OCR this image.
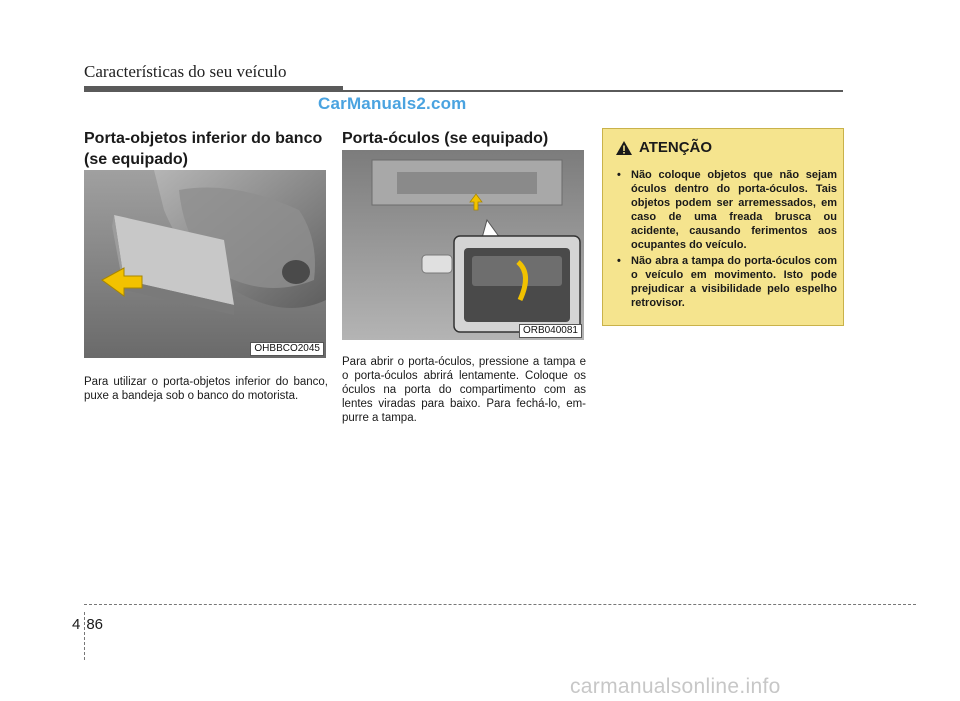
Características do seu veículo
CarManuals2.com
Porta-objetos inferior do banco (se equipado)
OHBBCO2045
Para utilizar o porta-objetos inferior do banco, puxe a bandeja sob o banco do motorista.
Porta-óculos (se equipado)
ORB040081
Para abrir o porta-óculos, pressione a tampa e o porta-óculos abrirá lentamente. Coloque os óculos na porta do compartimento com as lentes viradas para baixo. Para fechá-lo, em-purre a tampa.
ATENÇÃO
• Não coloque objetos que não sejam óculos dentro do porta-óculos. Tais objetos podem ser arremessados, em caso de uma freada brusca ou acidente, causando ferimentos aos ocupantes do veículo.
• Não abra a tampa do porta-óculos com o veículo em movimento. Isto pode prejudicar a visibilidade pelo espelho retrovisor.
4 86
carmanualsonline.info
